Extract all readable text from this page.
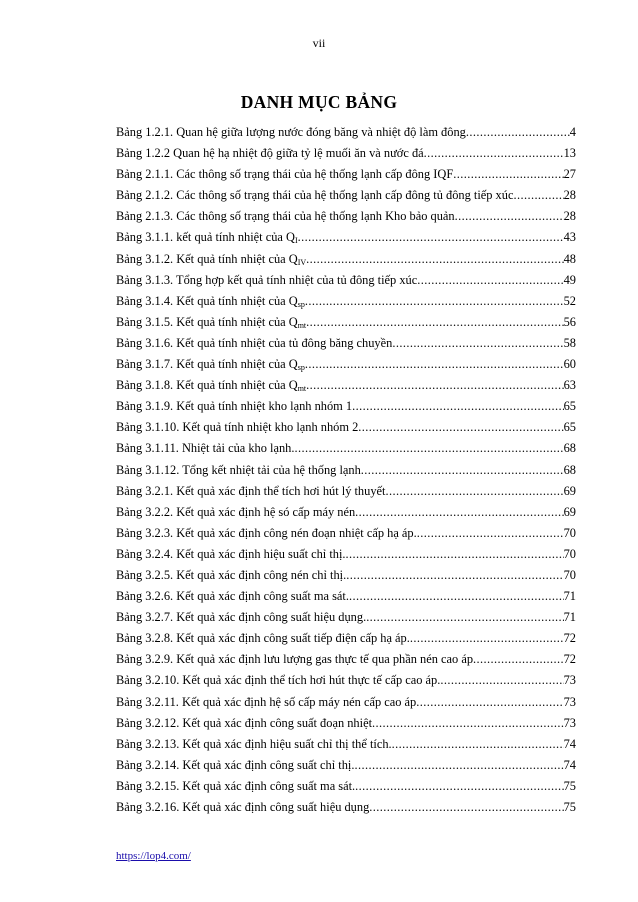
vii
DANH MỤC BẢNG
Bảng 1.2.1. Quan hệ giữa lượng nước đóng băng và nhiệt độ làm đông .....	4
Bảng 1.2.2 Quan hệ hạ nhiệt độ giữa tỷ lệ muối ăn và nước đá .....	13
Bảng 2.1.1. Các thông số trạng thái của hệ thống lạnh cấp đông IQF .....	27
Bảng 2.1.2. Các thông số trạng thái của hệ thống lạnh cấp đông tủ đông tiếp xúc .....	28
Bảng 2.1.3. Các thông số trạng thái của hệ thống lạnh Kho bảo quản .....	28
Bảng 3.1.1. kết quả tính nhiệt của $Q_I$ .....	43
Bảng 3.1.2. Kết quả tính nhiệt của $Q_{IV}$ .....	48
Bảng 3.1.3. Tổng hợp kết quả tính nhiệt của tủ đông tiếp xúc .....	49
Bảng 3.1.4. Kết quả tính nhiệt của $Q_{sp}$ .....	52
Bảng 3.1.5. Kết quả tính nhiệt của $Q_{mt}$ .....	56
Bảng 3.1.6. Kết quả tính nhiệt của tủ đông băng chuyền .....	58
Bảng 3.1.7. Kết quả tính nhiệt của $Q_{sp}$ .....	60
Bảng 3.1.8. Kết quả tính nhiệt của $Q_{mt}$ .....	63
Bảng 3.1.9. Kết quả tính nhiệt kho lạnh nhóm 1 .....	65
Bảng 3.1.10. Kết quả tính nhiệt kho lạnh nhóm 2 .....	65
Bảng 3.1.11. Nhiệt tải của kho lạnh. .....	68
Bảng 3.1.12. Tổng kết nhiệt tải của hệ thống lạnh .....	68
Bảng 3.2.1. Kết quả xác định thể tích hơi hút lý thuyết .....	69
Bảng 3.2.2. Kết quả xác định hệ só cấp máy nén .....	69
Bảng 3.2.3. Kết quả xác định công nén đoạn nhiệt cấp hạ áp. .....	70
Bảng 3.2.4. Kết quả xác định hiệu suất chỉ thị. .....	70
Bảng 3.2.5. Kết quả xác định công nén chỉ thị. .....	70
Bảng 3.2.6. Kết quả xác định công suất ma sát. .....	71
Bảng 3.2.7. Kết quả xác định công suất hiệu dụng. .....	71
Bảng 3.2.8. Kết quả xác định công suất tiếp điện cấp hạ áp. .....	72
Bảng 3.2.9. Kết quả xác định lưu lượng gas thực tế qua phần nén cao áp .....	72
Bảng 3.2.10. Kết quả xác định thể tích hơi hút thực tế cấp cao áp. .....	73
Bảng 3.2.11. Kết quả xác định hệ số cấp máy nén cấp cao áp .....	73
Bảng 3.2.12. Kết quả xác định công suất đoạn nhiệt .....	73
Bảng 3.2.13. Kết quả xác định hiệu suất chỉ thị thể tích. .....	74
Bảng 3.2.14. Kết quả xác định công suất chỉ thị. .....	74
Bảng 3.2.15. Kết quả xác định công suất ma sát. .....	75
Bảng 3.2.16. Kết quả xác định công suất hiệu dụng .....	75
https://lop4.com/
